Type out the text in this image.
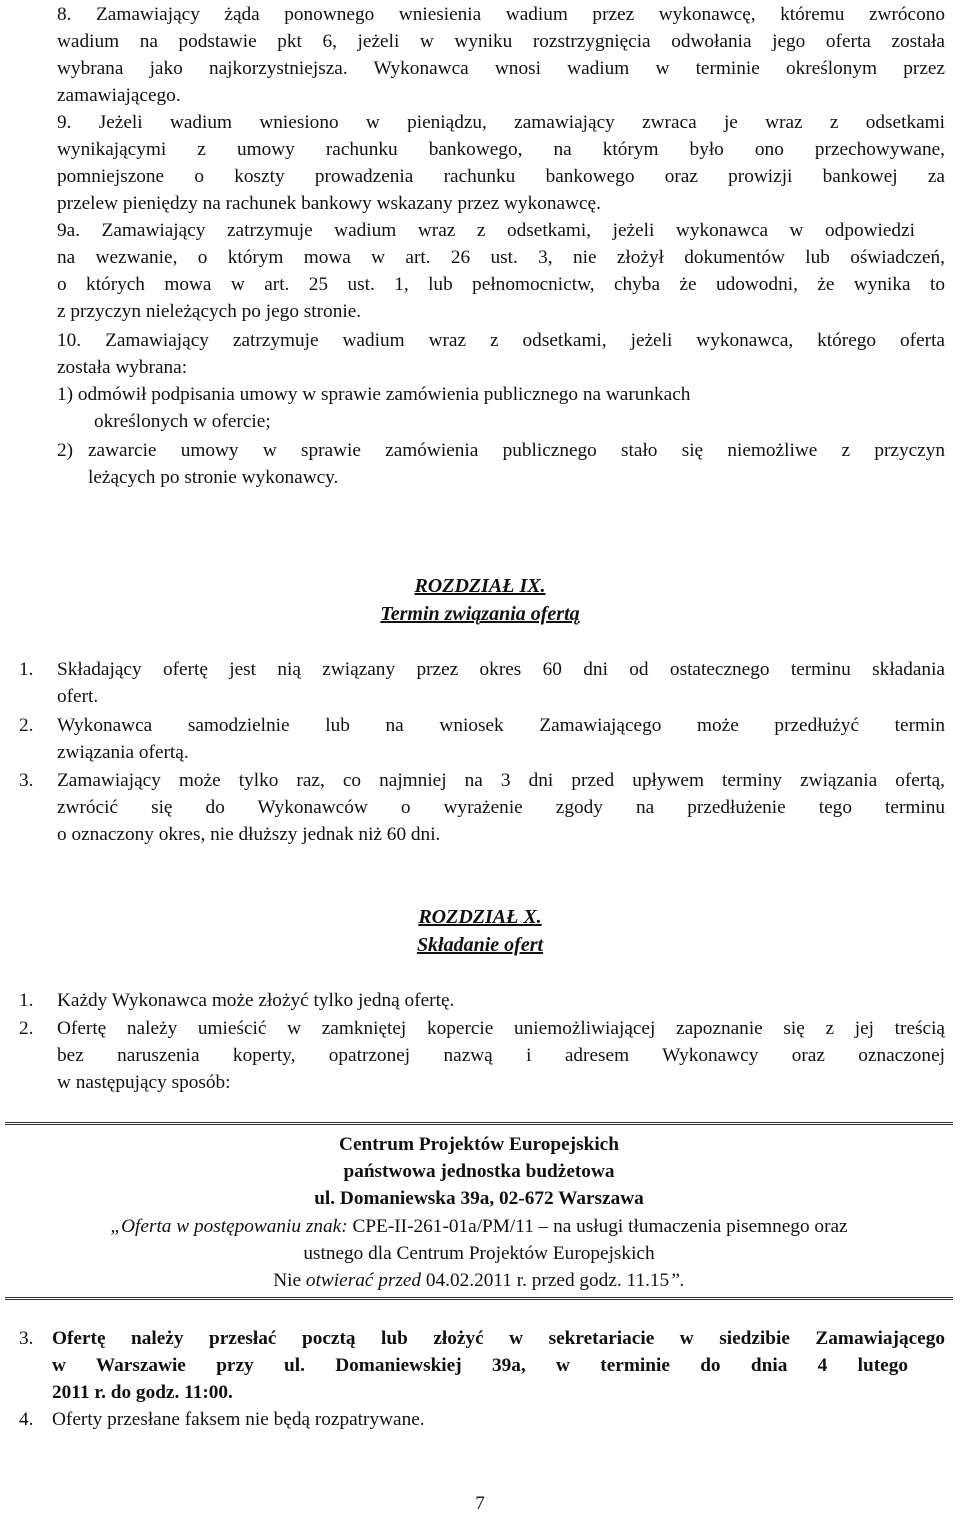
8. Zamawiający żąda ponownego wniesienia wadium przez wykonawcę, któremu zwrócono
wadium na podstawie pkt 6, jeżeli w wyniku rozstrzygnięcia odwołania jego oferta została
wybrana jako najkorzystniejsza. Wykonawca wnosi wadium w terminie określonym przez
zamawiającego.
9. Jeżeli wadium wniesiono w pieniądzu, zamawiający zwraca je wraz z odsetkami
wynikającymi z umowy rachunku bankowego, na którym było ono przechowywane,
pomniejszone o koszty prowadzenia rachunku bankowego oraz prowizji bankowej za
przelew pieniędzy na rachunek bankowy wskazany przez wykonawcę.
9a. Zamawiający zatrzymuje wadium wraz z odsetkami, jeżeli wykonawca w odpowiedzi
na wezwanie, o którym mowa w art. 26 ust. 3, nie złożył dokumentów lub oświadczeń,
o których mowa w art. 25 ust. 1, lub pełnomocnictw, chyba że udowodni, że wynika to
z przyczyn nieleżących po jego stronie.
10. Zamawiający zatrzymuje wadium wraz z odsetkami, jeżeli wykonawca, którego oferta
została wybrana:
1) odmówił podpisania umowy w sprawie zamówienia publicznego na warunkach
określonych w ofercie;
2) zawarcie umowy w sprawie zamówienia publicznego stało się niemożliwe z przyczyn
leżących po stronie wykonawcy.
ROZDZIAŁ IX.
Termin związania ofertą
1. Składający ofertę jest nią związany przez okres 60 dni od ostatecznego terminu składania
ofert.
2. Wykonawca samodzielnie lub na wniosek Zamawiającego może przedłużyć termin
związania ofertą.
3. Zamawiający może tylko raz, co najmniej na 3 dni przed upływem terminy związania ofertą,
zwrócić się do Wykonawców o wyrażenie zgody na przedłużenie tego terminu
o oznaczony okres, nie dłuższy jednak niż 60 dni.
ROZDZIAŁ X.
Składanie ofert
1. Każdy Wykonawca może złożyć tylko jedną ofertę.
2. Ofertę należy umieścić w zamkniętej kopercie uniemożliwiającej zapoznanie się z jej treścią
bez naruszenia koperty, opatrzonej nazwą i adresem Wykonawcy oraz oznaczonej
w następujący sposób:
Centrum Projektów Europejskich
państwowa jednostka budżetowa
ul. Domaniewska 39a, 02-672 Warszawa
„Oferta w postępowaniu znak: CPE-II-261-01a/PM/11 – na usługi tłumaczenia pisemnego oraz
ustnego dla Centrum Projektów Europejskich
Nie otwierać przed 04.02.2011 r. przed godz. 11.15”.
3. Ofertę należy przesłać pocztą lub złożyć w sekretariacie w siedzibie Zamawiającego
w Warszawie przy ul. Domaniewskiej 39a, w terminie do dnia 4 lutego
2011 r. do godz. 11:00.
4. Oferty przesłane faksem nie będą rozpatrywane.
7
